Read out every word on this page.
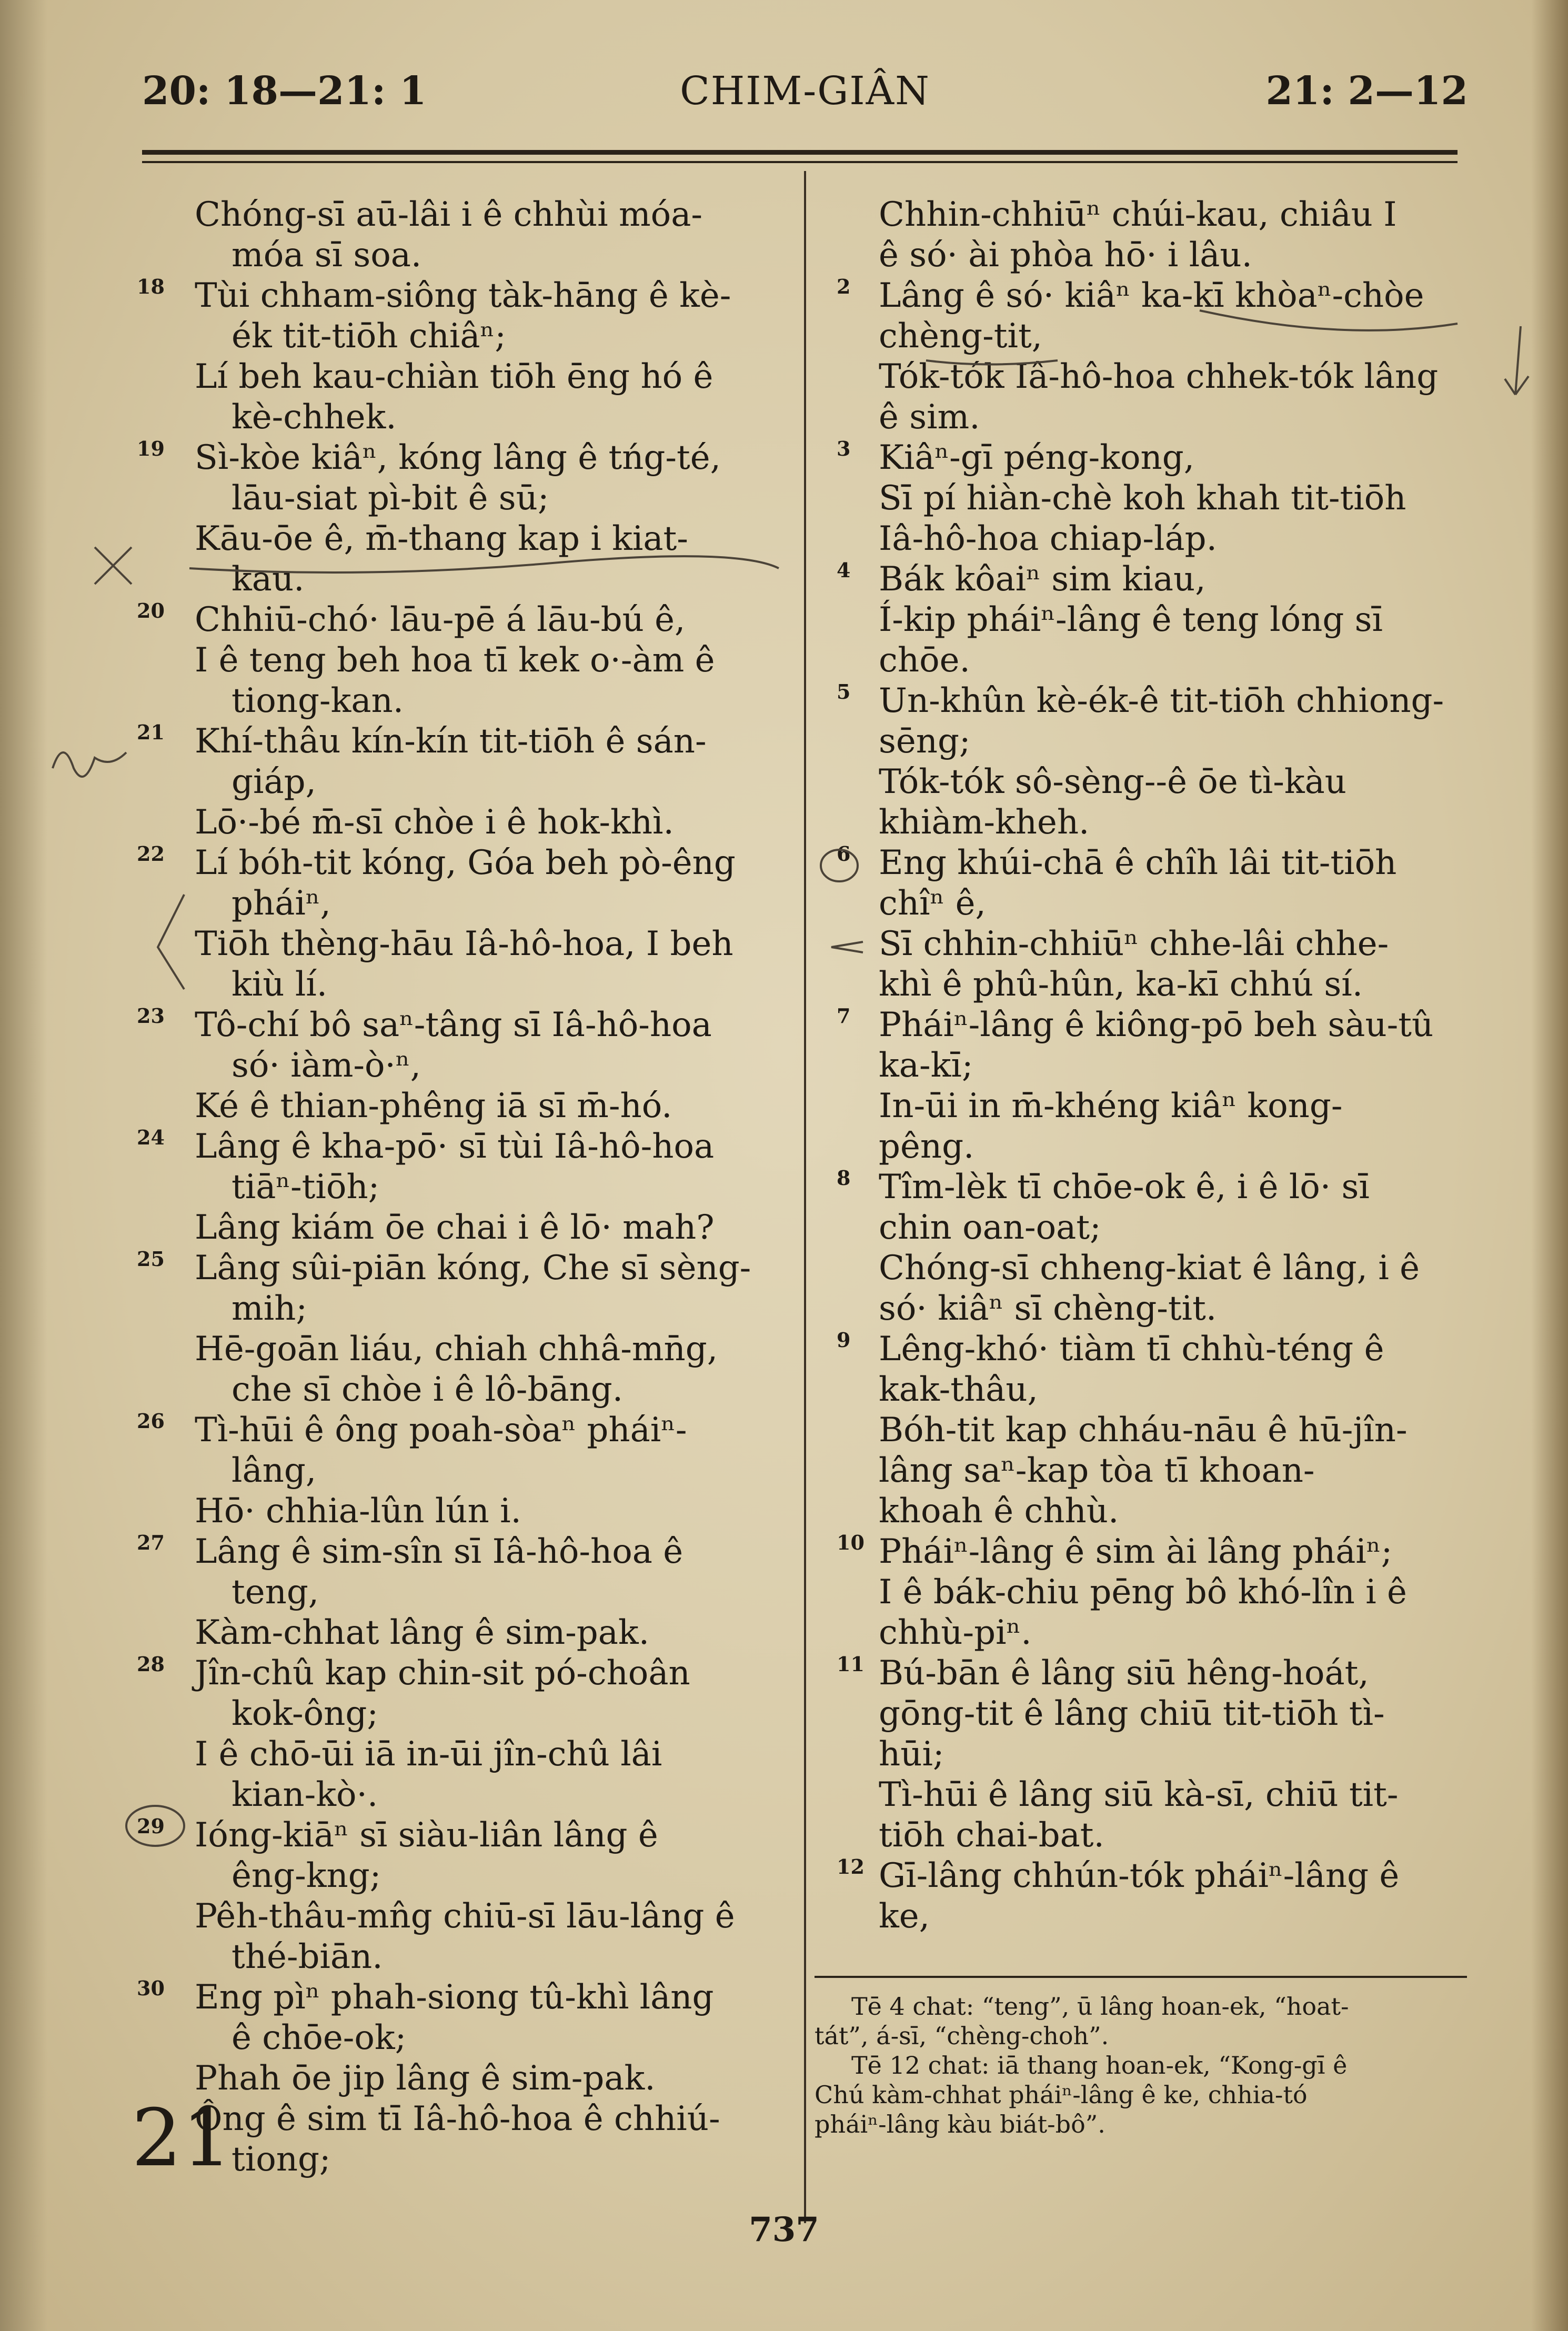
20: 18—21: 1	CHIM-GIÂN	21: 2—12
Chóng-sī aū-lâi i ê chhùi móa-
móa sī soa.
18 Tùi chham-siông tàk-hāng ê kè-
ék tit-tiōh chiâⁿ;
Lí beh kau-chiàn tiōh ēng hó ê
kè-chhek.
19 Sì-kòe kiâⁿ, kóng lâng ê tńg-té,
lāu-siat pì-bit ê sū;
Kāu-ōe ê, m̄-thang kap i kiat-
kau.
20 Chhiū-chó· lāu-pē á lāu-bú ê,
I ê teng beh hoa tī kek o·-àm ê
tiong-kan.
21 Khí-thâu kín-kín tit-tiōh ê sán-
giáp,
Lō·-bé m̄-sī chòe i ê hok-khì.
22 Lí bóh-tit kóng, Góa beh pò-êng
pháiⁿ,
Tiōh thèng-hāu Iâ-hô-hoa, I beh
kiù lí.
23 Tô-chí bô saⁿ-tâng sī Iâ-hô-hoa
só· iàm-ò·ⁿ,
Ké ê thian-phêng iā sī m̄-hó.
24 Lâng ê kha-pō· sī tùi Iâ-hô-hoa
tiāⁿ-tiōh;
Lâng kiám ōe chai i ê lō· mah?
25 Lâng sûi-piān kóng, Che sī sèng-
mih;
Hē-goān liáu, chiah chhâ-mn̄g,
che sī chòe i ê lô-bāng.
26 Tì-hūi ê ông poah-sòaⁿ pháiⁿ-
lâng,
Hō· chhia-lûn lún i.
27 Lâng ê sim-sîn sī Iâ-hô-hoa ê
teng,
Kàm-chhat lâng ê sim-pak.
28 Jîn-chû kap chin-sit pó-choân
kok-ông;
I ê chō-ūi iā in-ūi jîn-chû lâi
kian-kò·.
29 Ióng-kiāⁿ sī siàu-liân lâng ê
êng-kng;
Pêh-thâu-mn̂g chiū-sī lāu-lâng ê
thé-biān.
30 Eng pìⁿ phah-siong tû-khì lâng
ê chōe-ok;
Phah ōe jip lâng ê sim-pak.
21
Ông ê sim tī Iâ-hô-hoa ê chhiú-
tiong;
Chhin-chhiūⁿ chúi-kau, chiâu I
ê só· ài phòa hō· i lâu.
2 Lâng ê só· kiâⁿ ka-kī khòaⁿ-chòe
chèng-tit,
Tók-tók Iâ-hô-hoa chhek-tók lâng
ê sim.
3 Kiâⁿ-gī péng-kong,
Sī pí hiàn-chè koh khah tit-tiōh
Iâ-hô-hoa chiap-láp.
4 Bák kôaiⁿ sim kiau,
Í-kip pháiⁿ-lâng ê teng lóng sī
chōe.
5 Un-khûn kè-ék-ê tit-tiōh chhiong-
sēng;
Tók-tók sô-sèng--ê ōe tì-kàu
khiàm-kheh.
6 Eng khúi-chā ê chîh lâi tit-tiōh
chîⁿ ê,
Sī chhin-chhiūⁿ chhe-lâi chhe-
khì ê phû-hûn, ka-kī chhú sí.
7 Pháiⁿ-lâng ê kiông-pō beh sàu-tû
ka-kī;
In-ūi in m̄-khéng kiâⁿ kong-
pêng.
8 Tîm-lèk tī chōe-ok ê, i ê lō· sī
chin oan-oat;
Chóng-sī chheng-kiat ê lâng, i ê
só· kiâⁿ sī chèng-tit.
9 Lêng-khó· tiàm tī chhù-téng ê
kak-thâu,
Bóh-tit kap chháu-nāu ê hū-jîn-
lâng saⁿ-kap tòa tī khoan-
khoah ê chhù.
10 Pháiⁿ-lâng ê sim ài lâng pháiⁿ;
I ê bák-chiu pēng bô khó-lîn i ê
chhù-piⁿ.
11 Bú-bān ê lâng siū hêng-hoát,
gōng-tit ê lâng chiū tit-tiōh tì-
hūi;
Tì-hūi ê lâng siū kà-sī, chiū tit-
tiōh chai-bat.
12 Gī-lâng chhún-tók pháiⁿ-lâng ê
ke,
Tē 4 chat: “teng”, ū lâng hoan-ek, “hoat-
tát”, á-sī, “chèng-choh”.
Tē 12 chat: iā thang hoan-ek, “Kong-gī ê
Chú kàm-chhat pháiⁿ-lâng ê ke, chhia-tó
pháiⁿ-lâng kàu biát-bô”.
737
